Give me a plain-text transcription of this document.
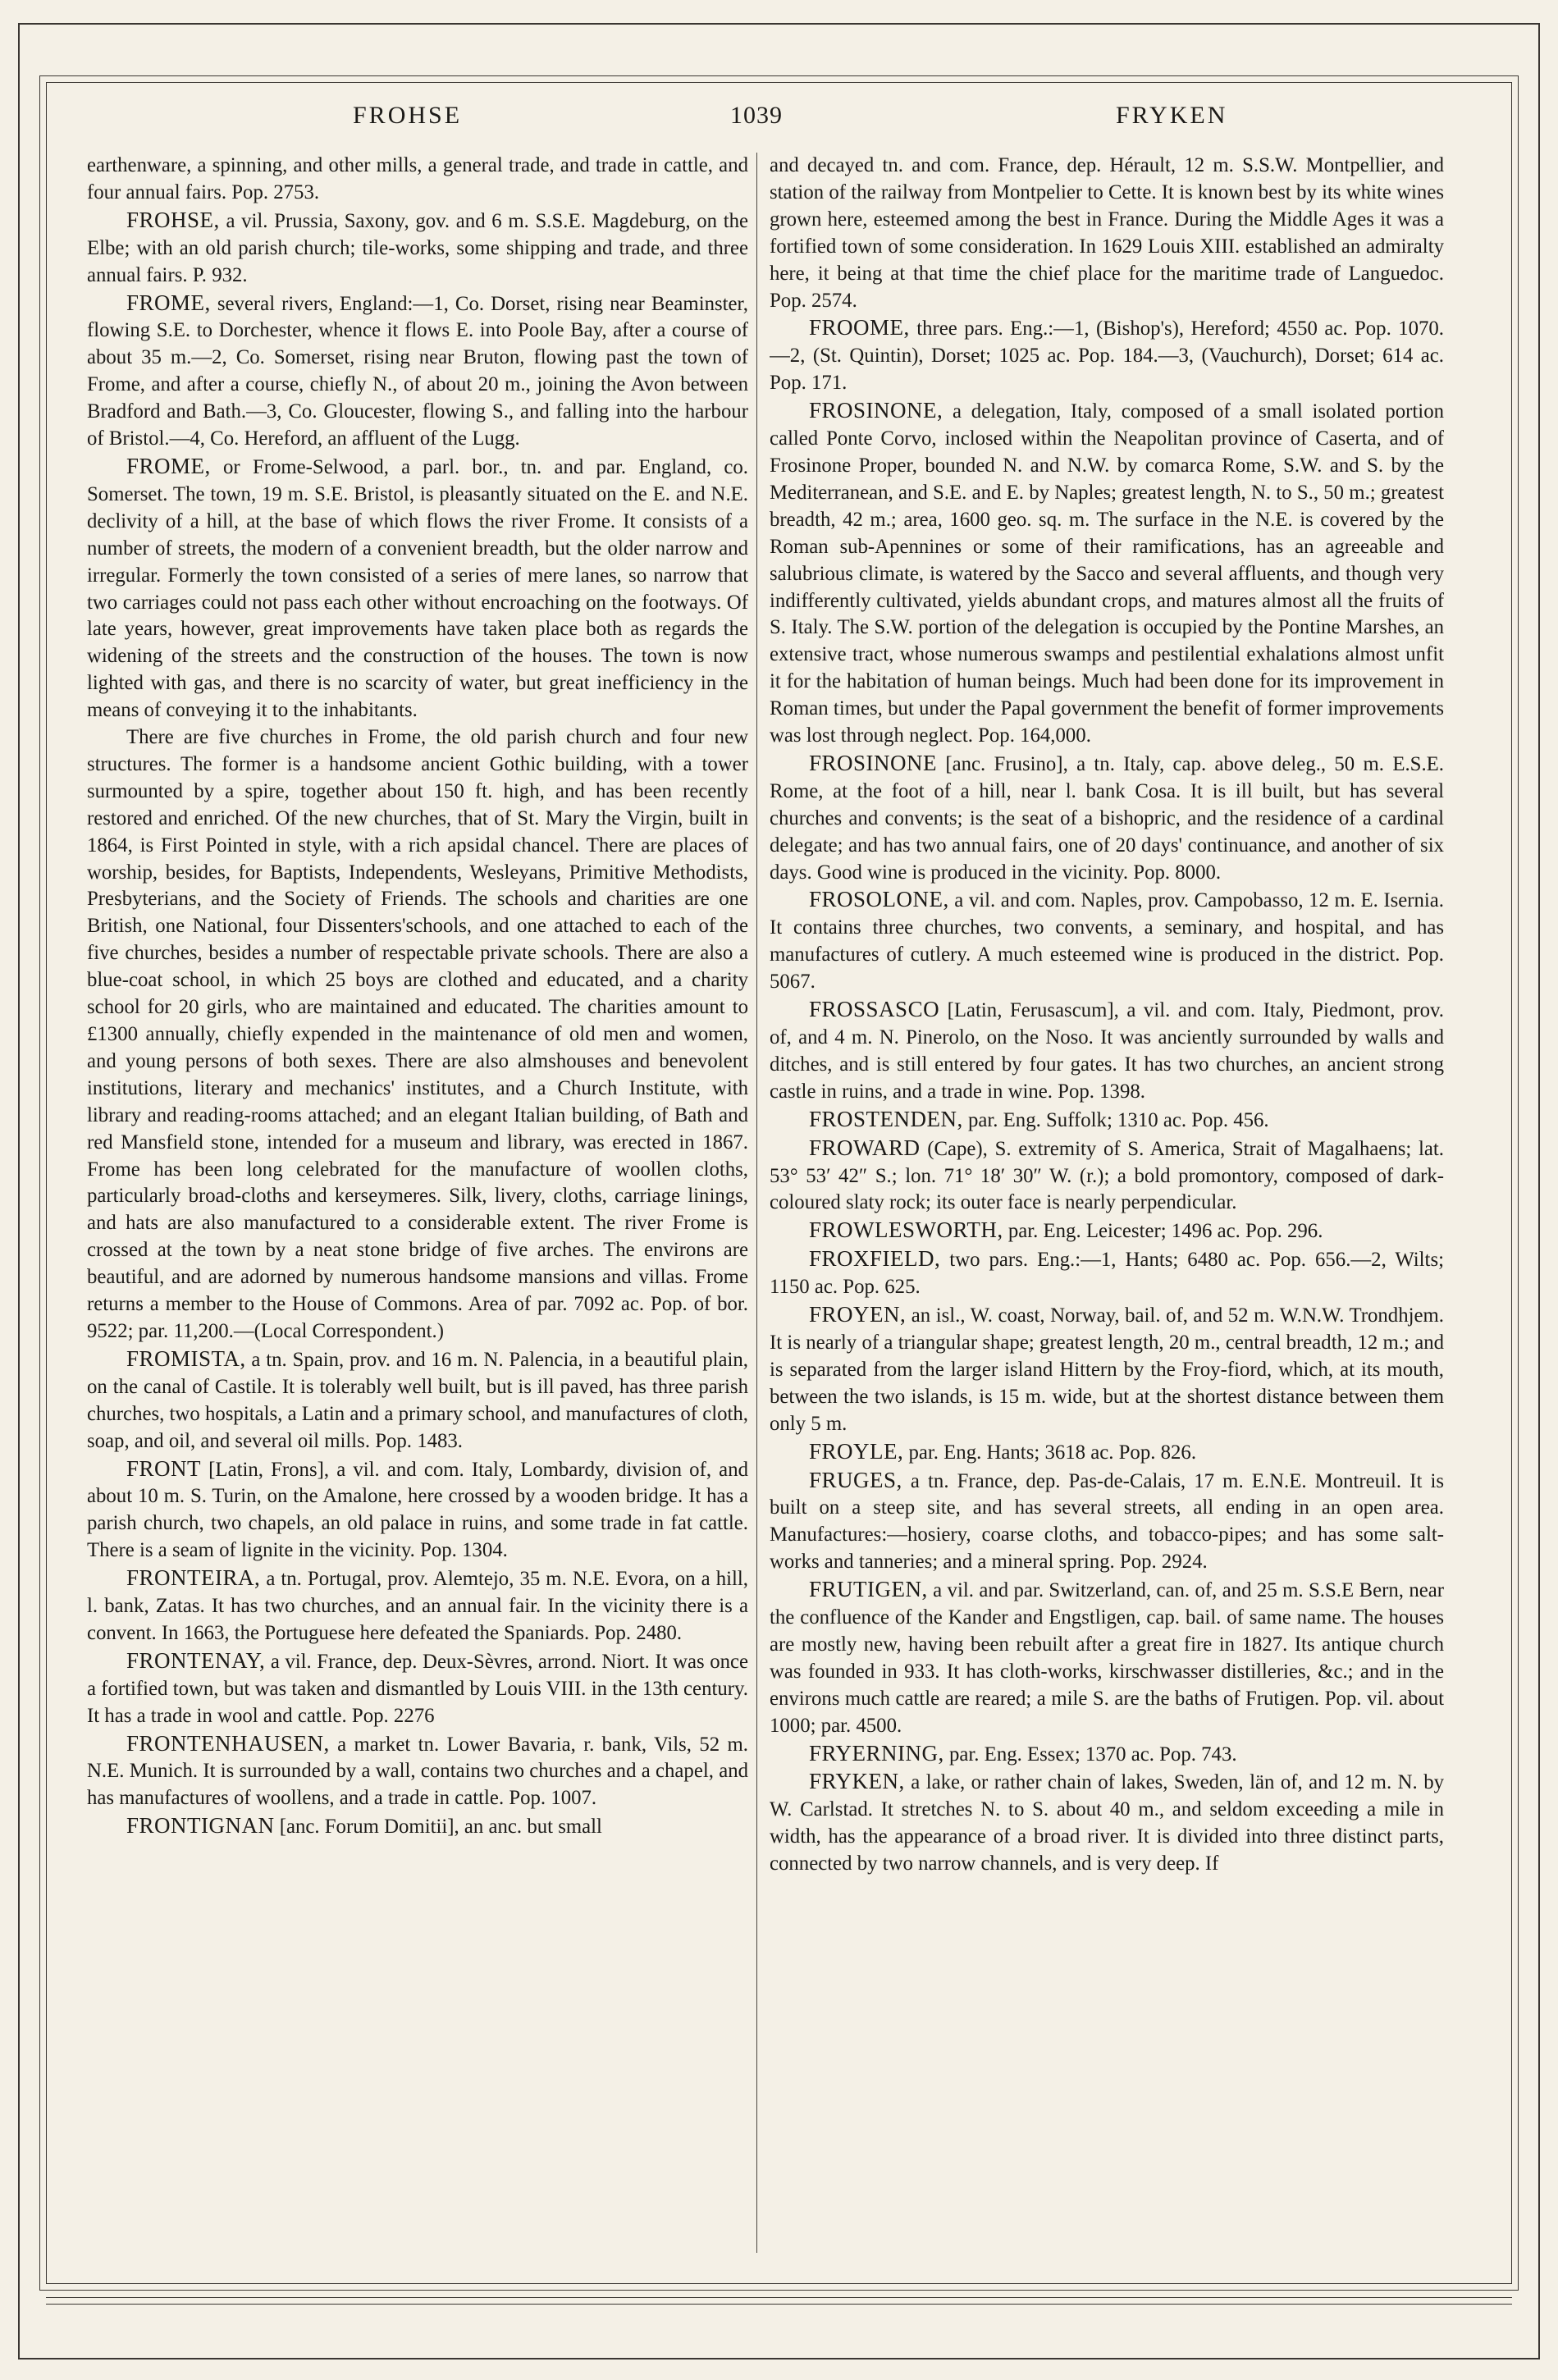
FROHSE	1039	FRYKEN

earthenware, a spinning, and other mills, a general trade, and trade in cattle, and four annual fairs. Pop. 2753.

FROHSE, a vil. Prussia, Saxony, gov. and 6 m. S.S.E. Magdeburg, on the Elbe; with an old parish church; tile-works, some shipping and trade, and three annual fairs. P. 932.

FROME, several rivers, England:—1, Co. Dorset, rising near Beaminster, flowing S.E. to Dorchester, whence it flows E. into Poole Bay, after a course of about 35 m.—2, Co. Somerset, rising near Bruton, flowing past the town of Frome, and after a course, chiefly N., of about 20 m., joining the Avon between Bradford and Bath.—3, Co. Gloucester, flowing S., and falling into the harbour of Bristol.—4, Co. Hereford, an affluent of the Lugg.

FROME, or Frome-Selwood, a parl. bor., tn. and par. England, co. Somerset. The town, 19 m. S.E. Bristol, is pleasantly situated on the E. and N.E. declivity of a hill, at the base of which flows the river Frome. It consists of a number of streets, the modern of a convenient breadth, but the older narrow and irregular. Formerly the town consisted of a series of mere lanes, so narrow that two carriages could not pass each other without encroaching on the footways. Of late years, however, great improvements have taken place both as regards the widening of the streets and the construction of the houses. The town is now lighted with gas, and there is no scarcity of water, but great inefficiency in the means of conveying it to the inhabitants.

There are five churches in Frome, the old parish church and four new structures. The former is a handsome ancient Gothic building, with a tower surmounted by a spire, together about 150 ft. high, and has been recently restored and enriched. Of the new churches, that of St. Mary the Virgin, built in 1864, is First Pointed in style, with a rich apsidal chancel. There are places of worship, besides, for Baptists, Independents, Wesleyans, Primitive Methodists, Presbyterians, and the Society of Friends. The schools and charities are one British, one National, four Dissenters'schools, and one attached to each of the five churches, besides a number of respectable private schools. There are also a blue-coat school, in which 25 boys are clothed and educated, and a charity school for 20 girls, who are maintained and educated. The charities amount to £1300 annually, chiefly expended in the maintenance of old men and women, and young persons of both sexes. There are also almshouses and benevolent institutions, literary and mechanics' institutes, and a Church Institute, with library and reading-rooms attached; and an elegant Italian building, of Bath and red Mansfield stone, intended for a museum and library, was erected in 1867. Frome has been long celebrated for the manufacture of woollen cloths, particularly broad-cloths and kerseymeres. Silk, livery, cloths, carriage linings, and hats are also manufactured to a considerable extent. The river Frome is crossed at the town by a neat stone bridge of five arches. The environs are beautiful, and are adorned by numerous handsome mansions and villas. Frome returns a member to the House of Commons. Area of par. 7092 ac. Pop. of bor. 9522; par. 11,200.—(Local Correspondent.)

FROMISTA, a tn. Spain, prov. and 16 m. N. Palencia, in a beautiful plain, on the canal of Castile. It is tolerably well built, but is ill paved, has three parish churches, two hospitals, a Latin and a primary school, and manufactures of cloth, soap, and oil, and several oil mills. Pop. 1483.

FRONT [Latin, Frons], a vil. and com. Italy, Lombardy, division of, and about 10 m. S. Turin, on the Amalone, here crossed by a wooden bridge. It has a parish church, two chapels, an old palace in ruins, and some trade in fat cattle. There is a seam of lignite in the vicinity. Pop. 1304.

FRONTEIRA, a tn. Portugal, prov. Alemtejo, 35 m. N.E. Evora, on a hill, l. bank, Zatas. It has two churches, and an annual fair. In the vicinity there is a convent. In 1663, the Portuguese here defeated the Spaniards. Pop. 2480.

FRONTENAY, a vil. France, dep. Deux-Sèvres, arrond. Niort. It was once a fortified town, but was taken and dismantled by Louis VIII. in the 13th century. It has a trade in wool and cattle. Pop. 2276

FRONTENHAUSEN, a market tn. Lower Bavaria, r. bank, Vils, 52 m. N.E. Munich. It is surrounded by a wall, contains two churches and a chapel, and has manufactures of woollens, and a trade in cattle. Pop. 1007.

FRONTIGNAN [anc. Forum Domitii], an anc. but small

and decayed tn. and com. France, dep. Hérault, 12 m. S.S.W. Montpellier, and station of the railway from Montpelier to Cette. It is known best by its white wines grown here, esteemed among the best in France. During the Middle Ages it was a fortified town of some consideration. In 1629 Louis XIII. established an admiralty here, it being at that time the chief place for the maritime trade of Languedoc. Pop. 2574.

FROOME, three pars. Eng.:—1, (Bishop's), Hereford; 4550 ac. Pop. 1070.—2, (St. Quintin), Dorset; 1025 ac. Pop. 184.—3, (Vauchurch), Dorset; 614 ac. Pop. 171.

FROSINONE, a delegation, Italy, composed of a small isolated portion called Ponte Corvo, inclosed within the Neapolitan province of Caserta, and of Frosinone Proper, bounded N. and N.W. by comarca Rome, S.W. and S. by the Mediterranean, and S.E. and E. by Naples; greatest length, N. to S., 50 m.; greatest breadth, 42 m.; area, 1600 geo. sq. m. The surface in the N.E. is covered by the Roman sub-Apennines or some of their ramifications, has an agreeable and salubrious climate, is watered by the Sacco and several affluents, and though very indifferently cultivated, yields abundant crops, and matures almost all the fruits of S. Italy. The S.W. portion of the delegation is occupied by the Pontine Marshes, an extensive tract, whose numerous swamps and pestilential exhalations almost unfit it for the habitation of human beings. Much had been done for its improvement in Roman times, but under the Papal government the benefit of former improvements was lost through neglect. Pop. 164,000.

FROSINONE [anc. Frusino], a tn. Italy, cap. above deleg., 50 m. E.S.E. Rome, at the foot of a hill, near l. bank Cosa. It is ill built, but has several churches and convents; is the seat of a bishopric, and the residence of a cardinal delegate; and has two annual fairs, one of 20 days' continuance, and another of six days. Good wine is produced in the vicinity. Pop. 8000.

FROSOLONE, a vil. and com. Naples, prov. Campobasso, 12 m. E. Isernia. It contains three churches, two convents, a seminary, and hospital, and has manufactures of cutlery. A much esteemed wine is produced in the district. Pop. 5067.

FROSSASCO [Latin, Ferusascum], a vil. and com. Italy, Piedmont, prov. of, and 4 m. N. Pinerolo, on the Noso. It was anciently surrounded by walls and ditches, and is still entered by four gates. It has two churches, an ancient strong castle in ruins, and a trade in wine. Pop. 1398.

FROSTENDEN, par. Eng. Suffolk; 1310 ac. Pop. 456.

FROWARD (Cape), S. extremity of S. America, Strait of Magalhaens; lat. 53° 53′ 42″ S.; lon. 71° 18′ 30″ W. (r.); a bold promontory, composed of dark-coloured slaty rock; its outer face is nearly perpendicular.

FROWLESWORTH, par. Eng. Leicester; 1496 ac. Pop. 296.

FROXFIELD, two pars. Eng.:—1, Hants; 6480 ac. Pop. 656.—2, Wilts; 1150 ac. Pop. 625.

FROYEN, an isl., W. coast, Norway, bail. of, and 52 m. W.N.W. Trondhjem. It is nearly of a triangular shape; greatest length, 20 m., central breadth, 12 m.; and is separated from the larger island Hittern by the Froy-fiord, which, at its mouth, between the two islands, is 15 m. wide, but at the shortest distance between them only 5 m.

FROYLE, par. Eng. Hants; 3618 ac. Pop. 826.

FRUGES, a tn. France, dep. Pas-de-Calais, 17 m. E.N.E. Montreuil. It is built on a steep site, and has several streets, all ending in an open area. Manufactures:—hosiery, coarse cloths, and tobacco-pipes; and has some salt-works and tanneries; and a mineral spring. Pop. 2924.

FRUTIGEN, a vil. and par. Switzerland, can. of, and 25 m. S.S.E Bern, near the confluence of the Kander and Engstligen, cap. bail. of same name. The houses are mostly new, having been rebuilt after a great fire in 1827. Its antique church was founded in 933. It has cloth-works, kirschwasser distilleries, &c.; and in the environs much cattle are reared; a mile S. are the baths of Frutigen. Pop. vil. about 1000; par. 4500.

FRYERNING, par. Eng. Essex; 1370 ac. Pop. 743.

FRYKEN, a lake, or rather chain of lakes, Sweden, län of, and 12 m. N. by W. Carlstad. It stretches N. to S. about 40 m., and seldom exceeding a mile in width, has the appearance of a broad river. It is divided into three distinct parts, connected by two narrow channels, and is very deep. If
